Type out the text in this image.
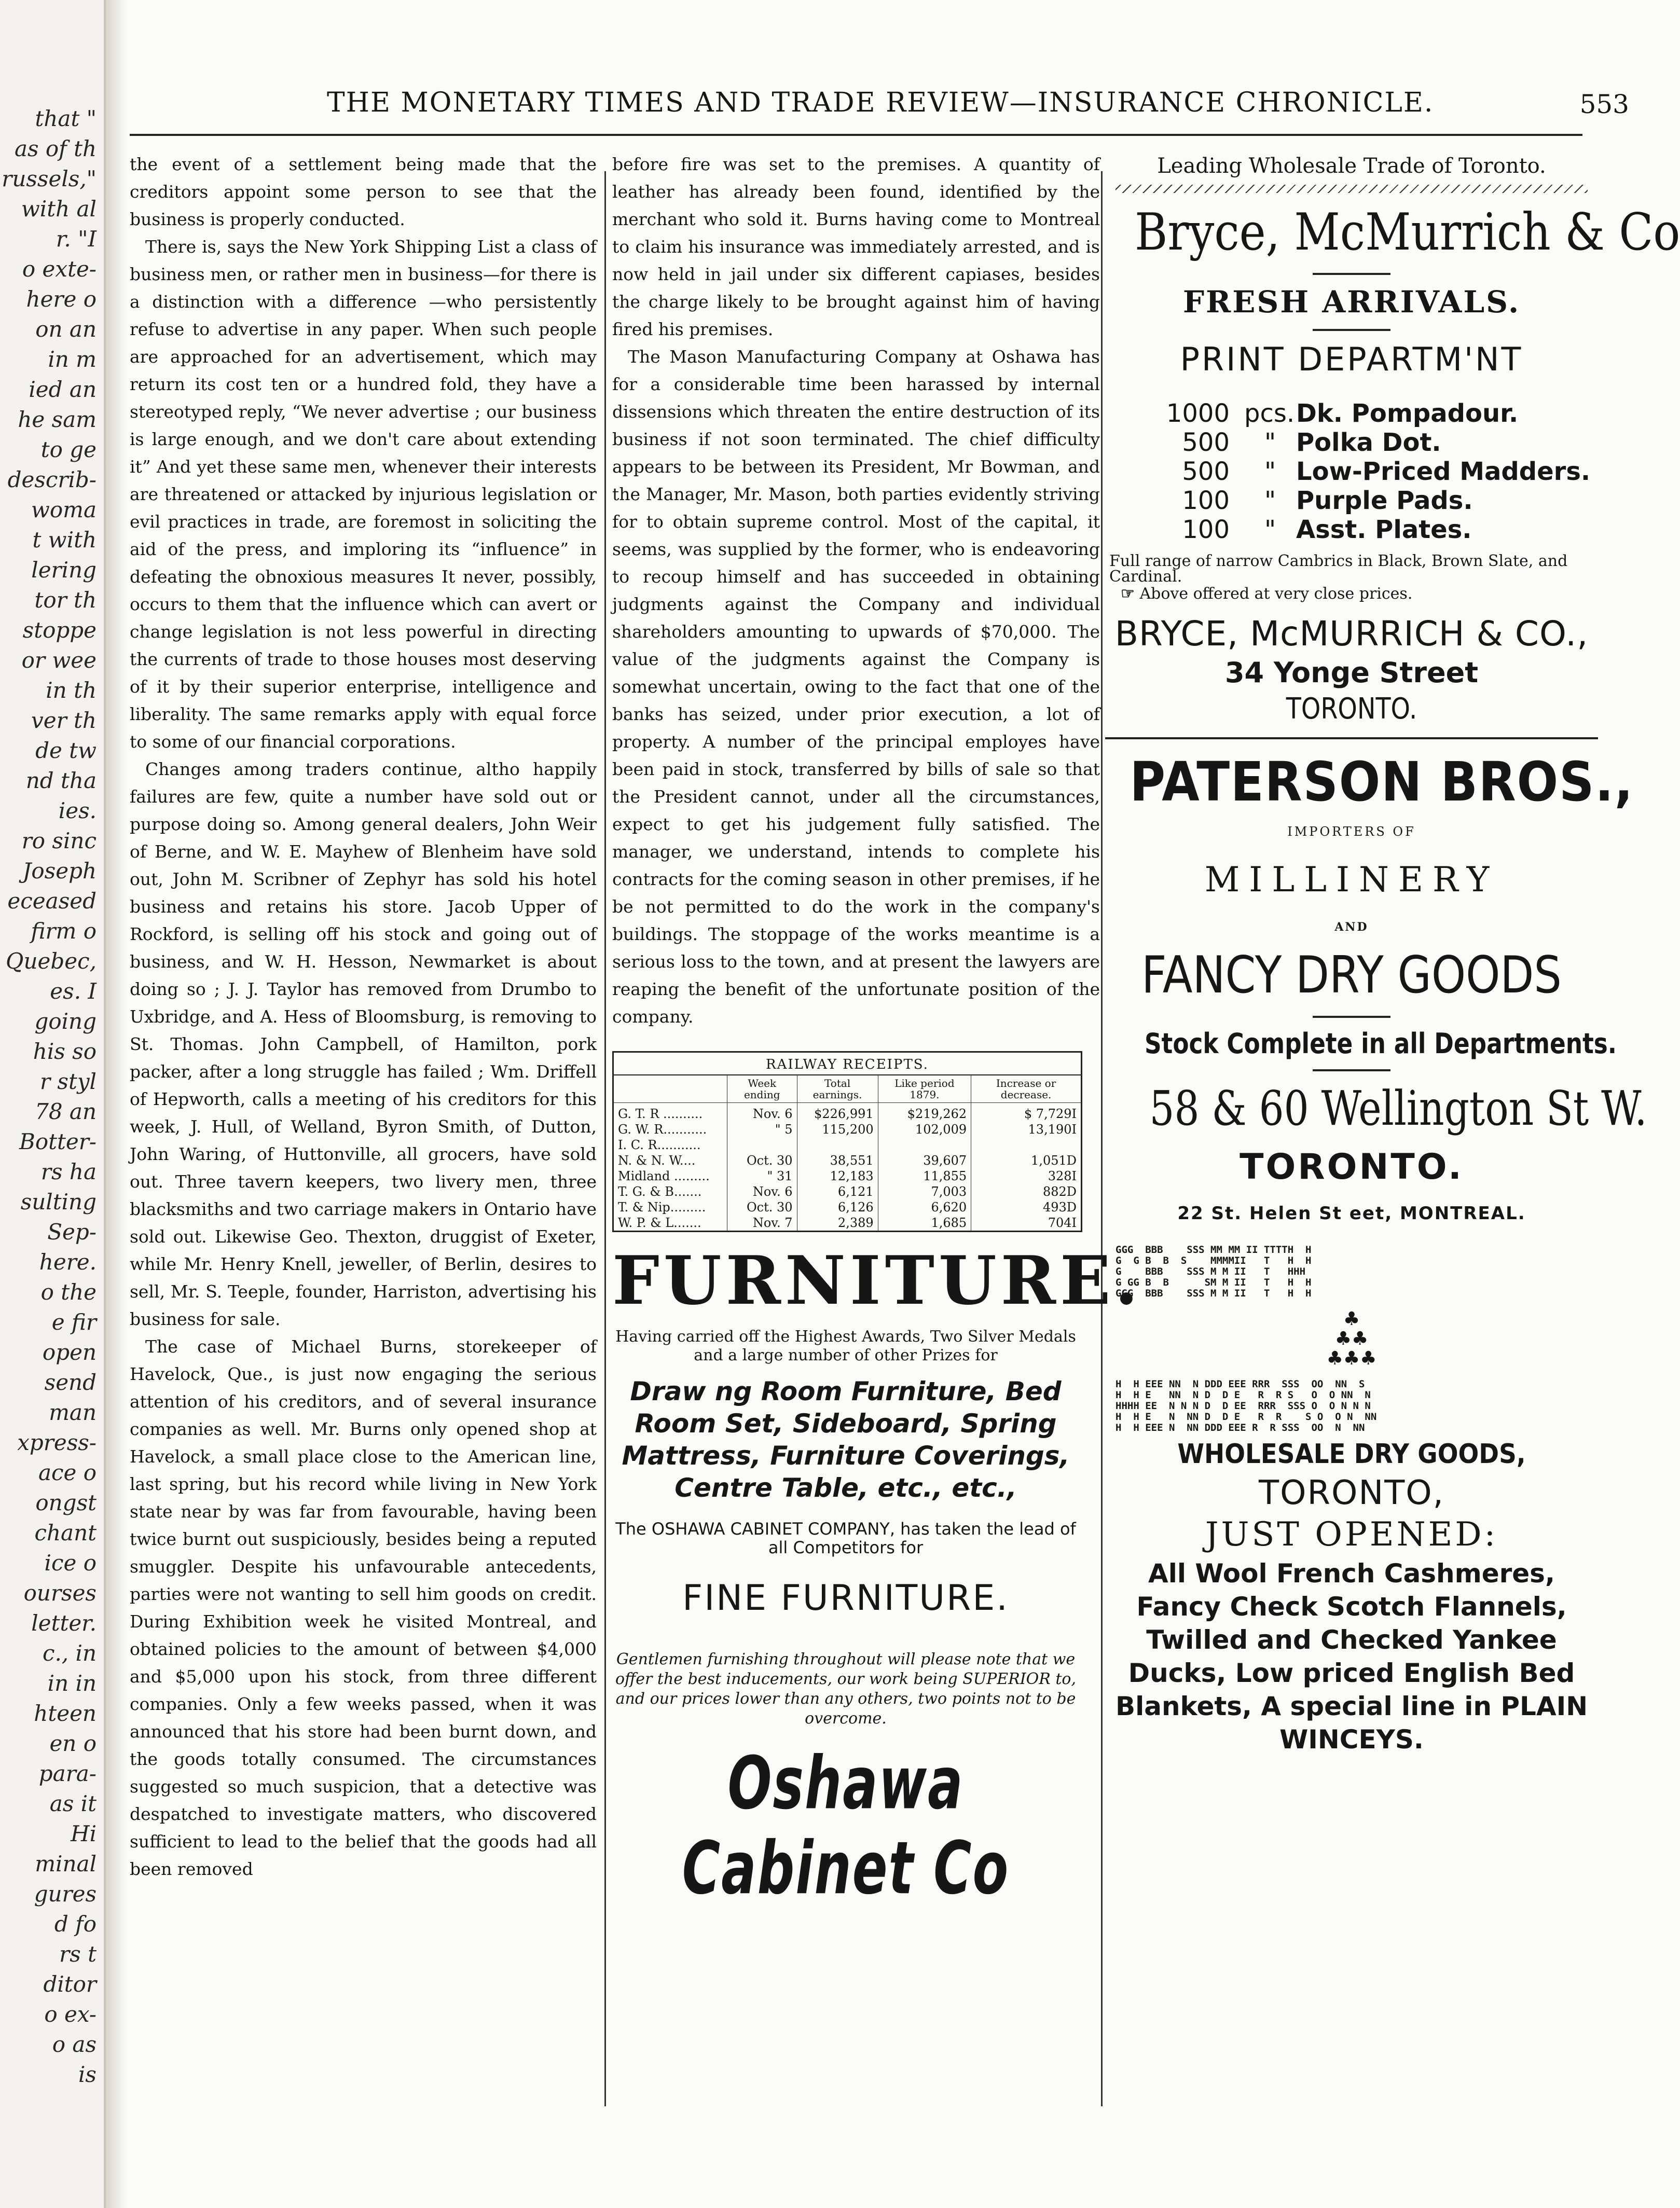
that "
as of th
russels,"
with al
r. "I
o exte-
here o
on an
in m
ied an
he sam
to ge
describ-
woma
t with
lering
tor th
stoppe
or wee
in th
ver th
de tw
nd tha
ies.
ro sinc
Joseph
eceased
firm o
Quebec,
es. I
going
his so
r styl
78 an
Botter-
rs ha
sulting
Sep-
here.
o the
e fir
open
send
man
xpress-
ace o
ongst
chant
ice o
ourses
letter.
c., in
in in
hteen
en o
para-
as it
Hi
minal
gures
d fo
rs t
ditor
o ex-
o as
is
THE MONETARY TIMES AND TRADE REVIEW—INSURANCE CHRONICLE.	553

the event of a settlement being made that the creditors appoint some person to see that the business is properly conducted.

There is, says the New York Shipping List a class of business men, or rather men in business—for there is a distinction with a difference —who persistently refuse to advertise in any paper. When such people are approached for an advertisement, which may return its cost ten or a hundred fold, they have a stereotyped reply, “We never advertise ; our business is large enough, and we don't care about extending it” And yet these same men, whenever their interests are threatened or attacked by injurious legislation or evil practices in trade, are foremost in soliciting the aid of the press, and imploring its “influence” in defeating the obnoxious measures It never, possibly, occurs to them that the influence which can avert or change legislation is not less powerful in directing the currents of trade to those houses most deserving of it by their superior enterprise, intelligence and liberality. The same remarks apply with equal force to some of our financial corporations.

Changes among traders continue, altho happily failures are few, quite a number have sold out or purpose doing so. Among general dealers, John Weir of Berne, and W. E. Mayhew of Blenheim have sold out, John M. Scribner of Zephyr has sold his hotel business and retains his store. Jacob Upper of Rockford, is selling off his stock and going out of business, and W. H. Hesson, Newmarket is about doing so ; J. J. Taylor has removed from Drumbo to Uxbridge, and A. Hess of Bloomsburg, is removing to St. Thomas. John Campbell, of Hamilton, pork packer, after a long struggle has failed ; Wm. Driffell of Hepworth, calls a meeting of his creditors for this week, J. Hull, of Welland, Byron Smith, of Dutton, John Waring, of Huttonville, all grocers, have sold out. Three tavern keepers, two livery men, three blacksmiths and two carriage makers in Ontario have sold out. Likewise Geo. Thexton, druggist of Exeter, while Mr. Henry Knell, jeweller, of Berlin, desires to sell, Mr. S. Teeple, founder, Harriston, advertising his business for sale.

The case of Michael Burns, storekeeper of Havelock, Que., is just now engaging the serious attention of his creditors, and of several insurance companies as well. Mr. Burns only opened shop at Havelock, a small place close to the American line, last spring, but his record while living in New York state near by was far from favourable, having been twice burnt out suspiciously, besides being a reputed smuggler. Despite his unfavourable antecedents, parties were not wanting to sell him goods on credit. During Exhibition week he visited Montreal, and obtained policies to the amount of between $4,000 and $5,000 upon his stock, from three different companies. Only a few weeks passed, when it was announced that his store had been burnt down, and the goods totally consumed. The circumstances suggested so much suspicion, that a detective was despatched to investigate matters, who discovered sufficient to lead to the belief that the goods had all been removed

before fire was set to the premises. A quantity of leather has already been found, identified by the merchant who sold it. Burns having come to Montreal to claim his insurance was immediately arrested, and is now held in jail under six different capiases, besides the charge likely to be brought against him of having fired his premises.

The Mason Manufacturing Company at Oshawa has for a considerable time been harassed by internal dissensions which threaten the entire destruction of its business if not soon terminated. The chief difficulty appears to be between its President, Mr Bowman, and the Manager, Mr. Mason, both parties evidently striving for to obtain supreme control. Most of the capital, it seems, was supplied by the former, who is endeavoring to recoup himself and has succeeded in obtaining judgments against the Company and individual shareholders amounting to upwards of $70,000. The value of the judgments against the Company is somewhat uncertain, owing to the fact that one of the banks has seized, under prior execution, a lot of property. A number of the principal employes have been paid in stock, transferred by bills of sale so that the President cannot, under all the circumstances, expect to get his judgement fully satisfied. The manager, we understand, intends to complete his contracts for the coming season in other premises, if he be not permitted to do the work in the company's buildings. The stoppage of the works meantime is a serious loss to the town, and at present the lawyers are reaping the benefit of the unfortunate position of the company.

RAILWAY RECEIPTS.
	Week ending	Total earnings.	Like period 1879.	Increase or decrease.
G. T. R ..........	Nov. 6	$226,991	$219,262	$ 7,729I
G. W. R...........	" 5	115,200	102,009	13,190I
I. C. R...........				
N. & N. W....	Oct. 30	38,551	39,607	1,051D
Midland .........	" 31	12,183	11,855	328I
T. G. & B.......	Nov. 6	6,121	7,003	882D
T. & Nip.........	Oct. 30	6,126	6,620	493D
W. P. & L.......	Nov. 7	2,389	1,685	704I
FURNITURE.
Having carried off the Highest Awards, Two Silver Medals and a large number of other Prizes for
Draw ng Room Furniture, Bed Room Set, Sideboard, Spring Mattress, Furniture Coverings, Centre Table, etc., etc.,
The OSHAWA CABINET COMPANY, has taken the lead of all Competitors for
FINE FURNITURE.
Gentlemen furnishing throughout will please note that we offer the best inducements, our work being SUPERIOR to, and our prices lower than any others, two points not to be overcome.
Oshawa Cabinet Co
Leading Wholesale Trade of Toronto.
Bryce, McMurrich & Co
FRESH ARRIVALS.
PRINT DEPARTM'NT
1000 pcs.Dk. Pompadour.
500 " Polka Dot.
500 " Low-Priced Madders.
100 " Purple Pads.
100 " Asst. Plates.
Full range of narrow Cambrics in Black, Brown Slate, and Cardinal.
☞ Above offered at very close prices.
BRYCE, McMURRICH & CO.,
34 Yonge Street
TORONTO.
PATERSON BROS.,
IMPORTERS OF
MILLINERY
AND
FANCY DRY GOODS
Stock Complete in all Departments.
58 & 60 Wellington St W.
TORONTO.
22 St. Helen St eet, MONTREAL.
GGG  BBB    SSS MM MM II TTTTH  H
G  G B  B  S    MMMMII   T   H  H
G    BBB    SSS M M II   T   HHH
G GG B  B      SM M II   T   H  H
GGG  BBB    SSS M M II   T   H  H
♣
♣♣
♣♣♣
H  H EEE NN  N DDD EEE RRR  SSS  OO  NN  S
H  H E   NN  N D  D E   R  R S   O  O NN  N
HHHH EE  N N N D  D EE  RRR  SSS O  O N N N
H  H E   N  NN D  D E   R  R    S O  O N  NN
H  H EEE N  NN DDD EEE R  R SSS  OO  N  NN
WHOLESALE DRY GOODS,
TORONTO,
JUST OPENED:
All Wool French Cashmeres, Fancy Check Scotch Flannels, Twilled and Checked Yankee Ducks, Low priced English Bed Blankets, A special line in PLAIN WINCEYS.
